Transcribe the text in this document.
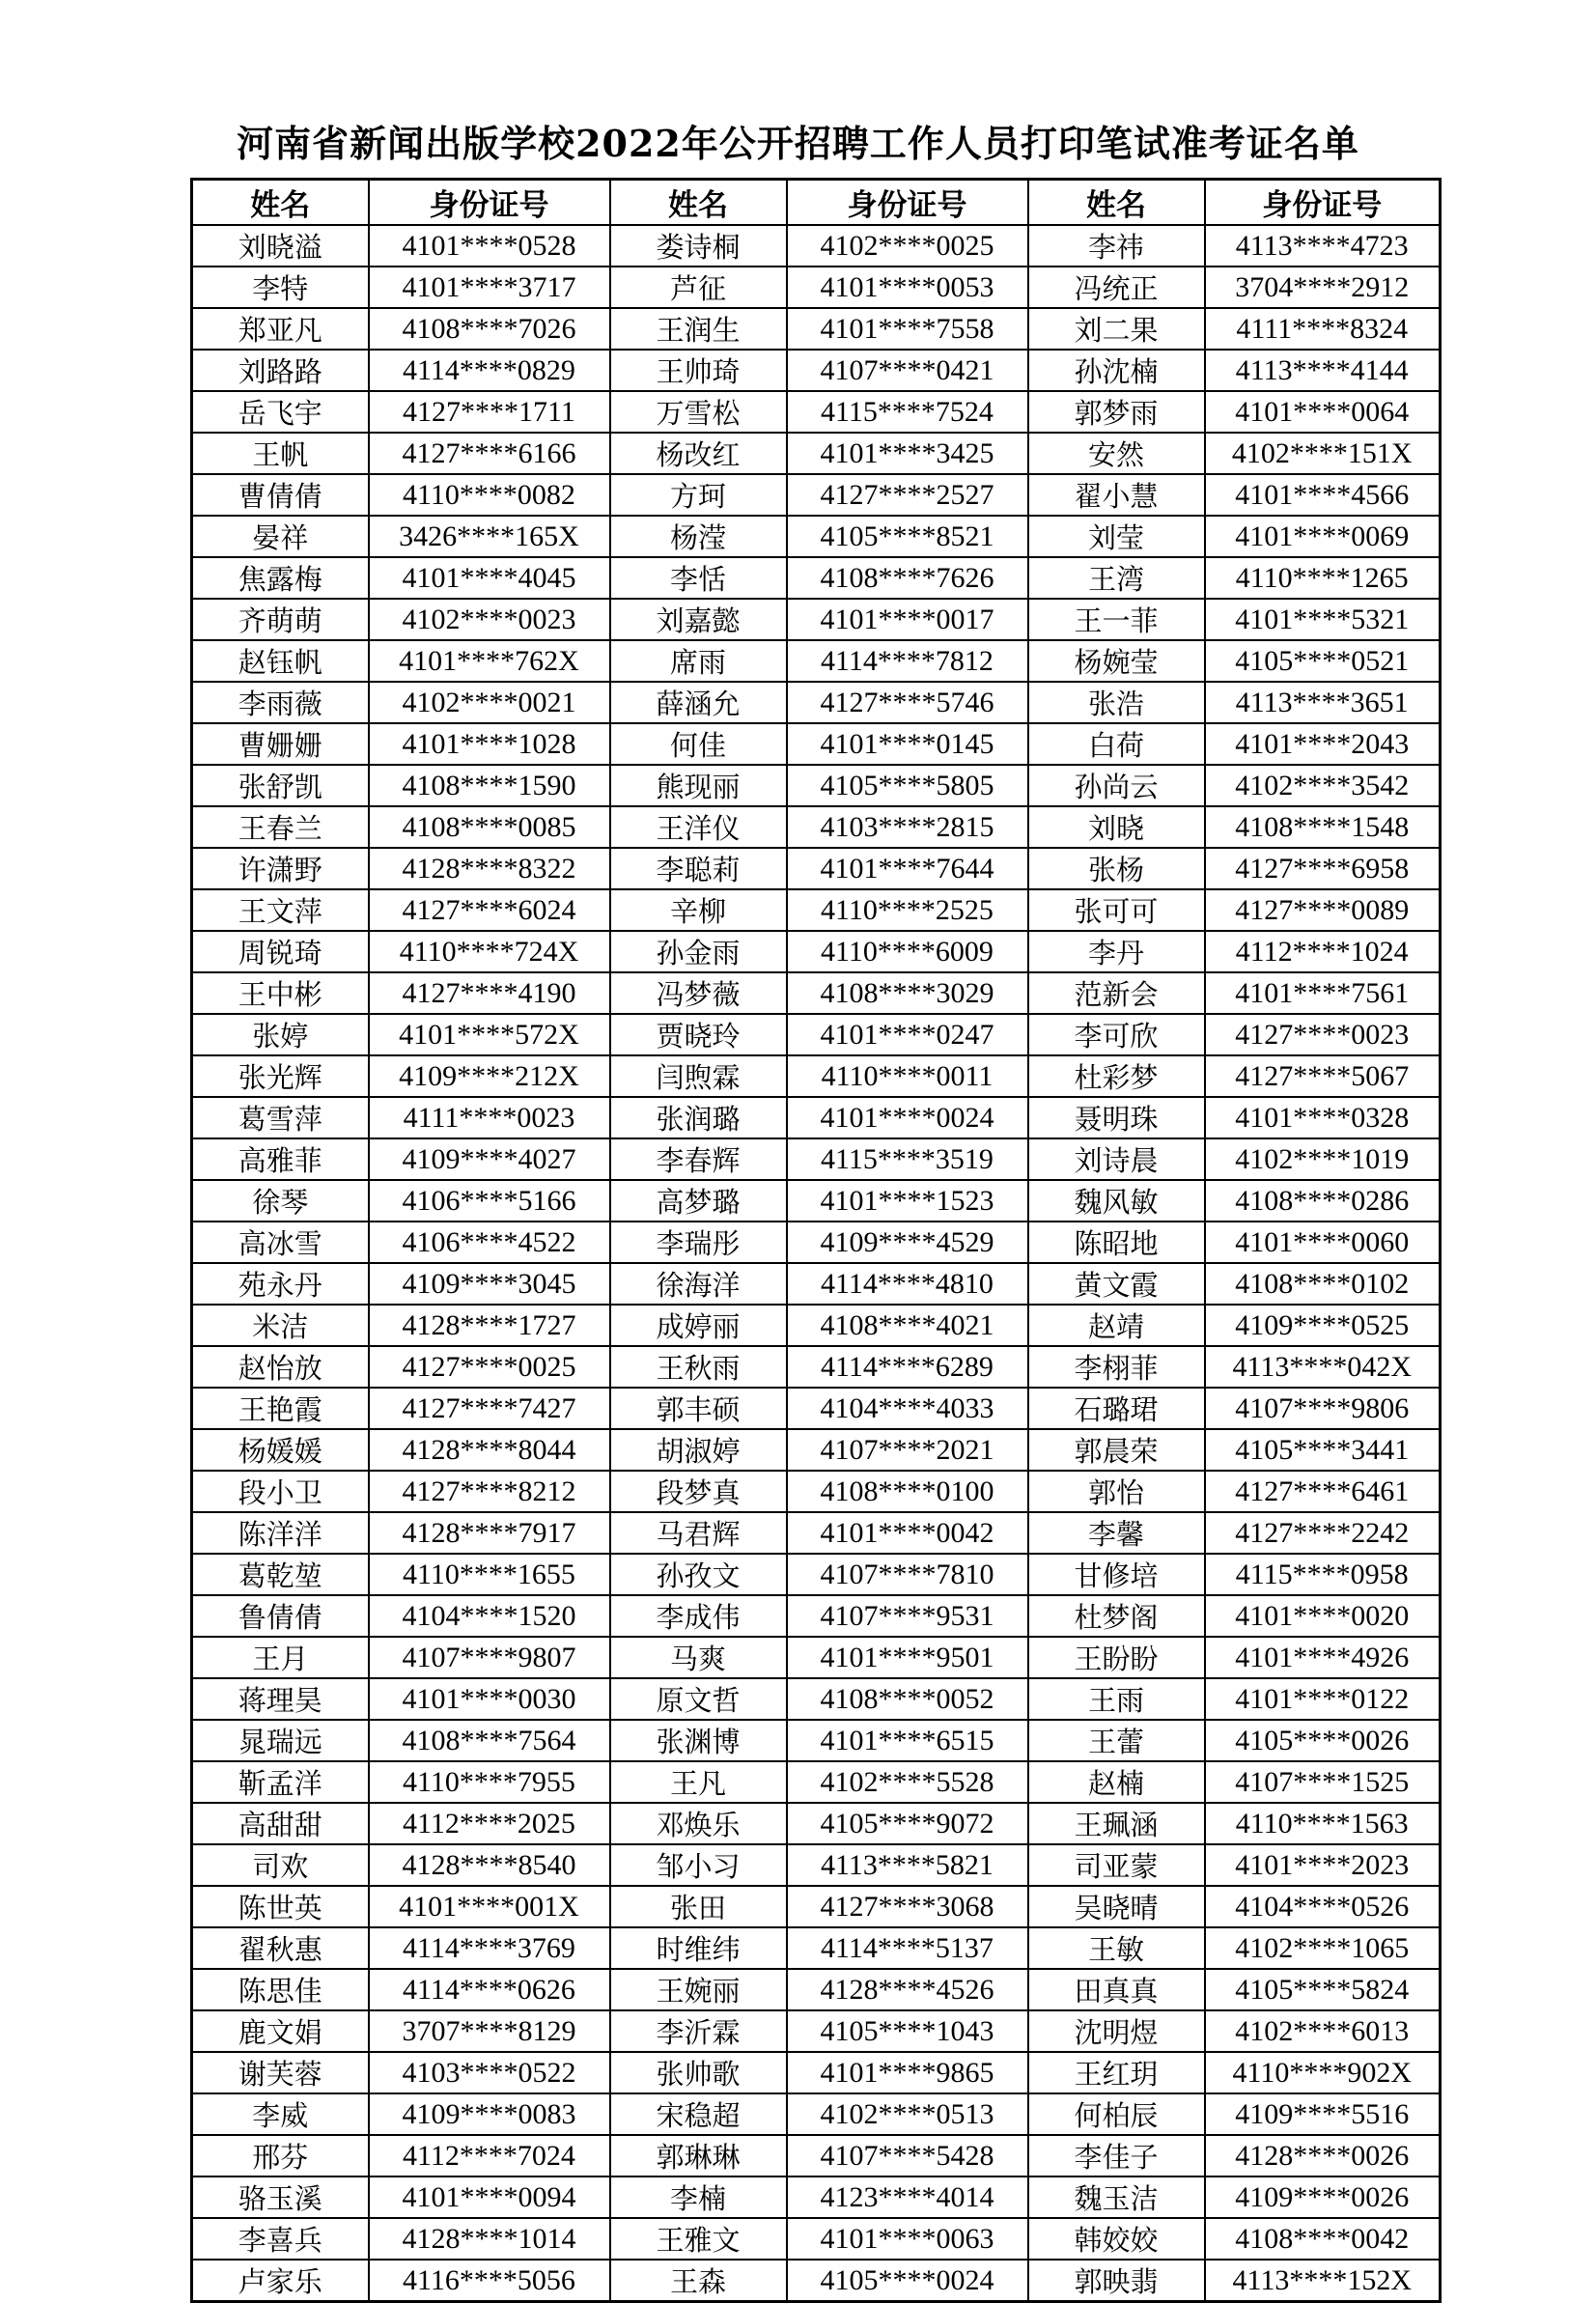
河南省新闻出版学校2022年公开招聘工作人员打印笔试准考证名单
姓名	身份证号	姓名	身份证号	姓名	身份证号
刘晓溢	4101****0528	娄诗桐	4102****0025	李祎	4113****4723
李特	4101****3717	芦征	4101****0053	冯统正	3704****2912
郑亚凡	4108****7026	王润生	4101****7558	刘二果	4111****8324
刘路路	4114****0829	王帅琦	4107****0421	孙沈楠	4113****4144
岳飞宇	4127****1711	万雪松	4115****7524	郭梦雨	4101****0064
王帆	4127****6166	杨改红	4101****3425	安然	4102****151X
曹倩倩	4110****0082	方珂	4127****2527	翟小慧	4101****4566
晏祥	3426****165X	杨滢	4105****8521	刘莹	4101****0069
焦露梅	4101****4045	李恬	4108****7626	王湾	4110****1265
齐萌萌	4102****0023	刘嘉懿	4101****0017	王一菲	4101****5321
赵钰帆	4101****762X	席雨	4114****7812	杨婉莹	4105****0521
李雨薇	4102****0021	薛涵允	4127****5746	张浩	4113****3651
曹姗姗	4101****1028	何佳	4101****0145	白荷	4101****2043
张舒凯	4108****1590	熊现丽	4105****5805	孙尚云	4102****3542
王春兰	4108****0085	王洋仪	4103****2815	刘晓	4108****1548
许潇野	4128****8322	李聪莉	4101****7644	张杨	4127****6958
王文萍	4127****6024	辛柳	4110****2525	张可可	4127****0089
周锐琦	4110****724X	孙金雨	4110****6009	李丹	4112****1024
王中彬	4127****4190	冯梦薇	4108****3029	范新会	4101****7561
张婷	4101****572X	贾晓玲	4101****0247	李可欣	4127****0023
张光辉	4109****212X	闫煦霖	4110****0011	杜彩梦	4127****5067
葛雪萍	4111****0023	张润璐	4101****0024	聂明珠	4101****0328
高雅菲	4109****4027	李春辉	4115****3519	刘诗晨	4102****1019
徐琴	4106****5166	高梦璐	4101****1523	魏风敏	4108****0286
高冰雪	4106****4522	李瑞彤	4109****4529	陈昭地	4101****0060
苑永丹	4109****3045	徐海洋	4114****4810	黄文霞	4108****0102
米洁	4128****1727	成婷丽	4108****4021	赵靖	4109****0525
赵怡放	4127****0025	王秋雨	4114****6289	李栩菲	4113****042X
王艳霞	4127****7427	郭丰硕	4104****4033	石璐珺	4107****9806
杨媛媛	4128****8044	胡淑婷	4107****2021	郭晨荣	4105****3441
段小卫	4127****8212	段梦真	4108****0100	郭怡	4127****6461
陈洋洋	4128****7917	马君辉	4101****0042	李馨	4127****2242
葛乾堃	4110****1655	孙孜文	4107****7810	甘修培	4115****0958
鲁倩倩	4104****1520	李成伟	4107****9531	杜梦阁	4101****0020
王月	4107****9807	马爽	4101****9501	王盼盼	4101****4926
蒋理昊	4101****0030	原文哲	4108****0052	王雨	4101****0122
晁瑞远	4108****7564	张渊博	4101****6515	王蕾	4105****0026
靳孟洋	4110****7955	王凡	4102****5528	赵楠	4107****1525
高甜甜	4112****2025	邓焕乐	4105****9072	王珮涵	4110****1563
司欢	4128****8540	邹小习	4113****5821	司亚蒙	4101****2023
陈世英	4101****001X	张田	4127****3068	吴晓晴	4104****0526
翟秋惠	4114****3769	时维纬	4114****5137	王敏	4102****1065
陈思佳	4114****0626	王婉丽	4128****4526	田真真	4105****5824
鹿文娟	3707****8129	李沂霖	4105****1043	沈明煜	4102****6013
谢芙蓉	4103****0522	张帅歌	4101****9865	王红玥	4110****902X
李威	4109****0083	宋稳超	4102****0513	何柏辰	4109****5516
邢芬	4112****7024	郭琳琳	4107****5428	李佳子	4128****0026
骆玉溪	4101****0094	李楠	4123****4014	魏玉洁	4109****0026
李喜兵	4128****1014	王雅文	4101****0063	韩姣姣	4108****0042
卢家乐	4116****5056	王森	4105****0024	郭映翡	4113****152X
